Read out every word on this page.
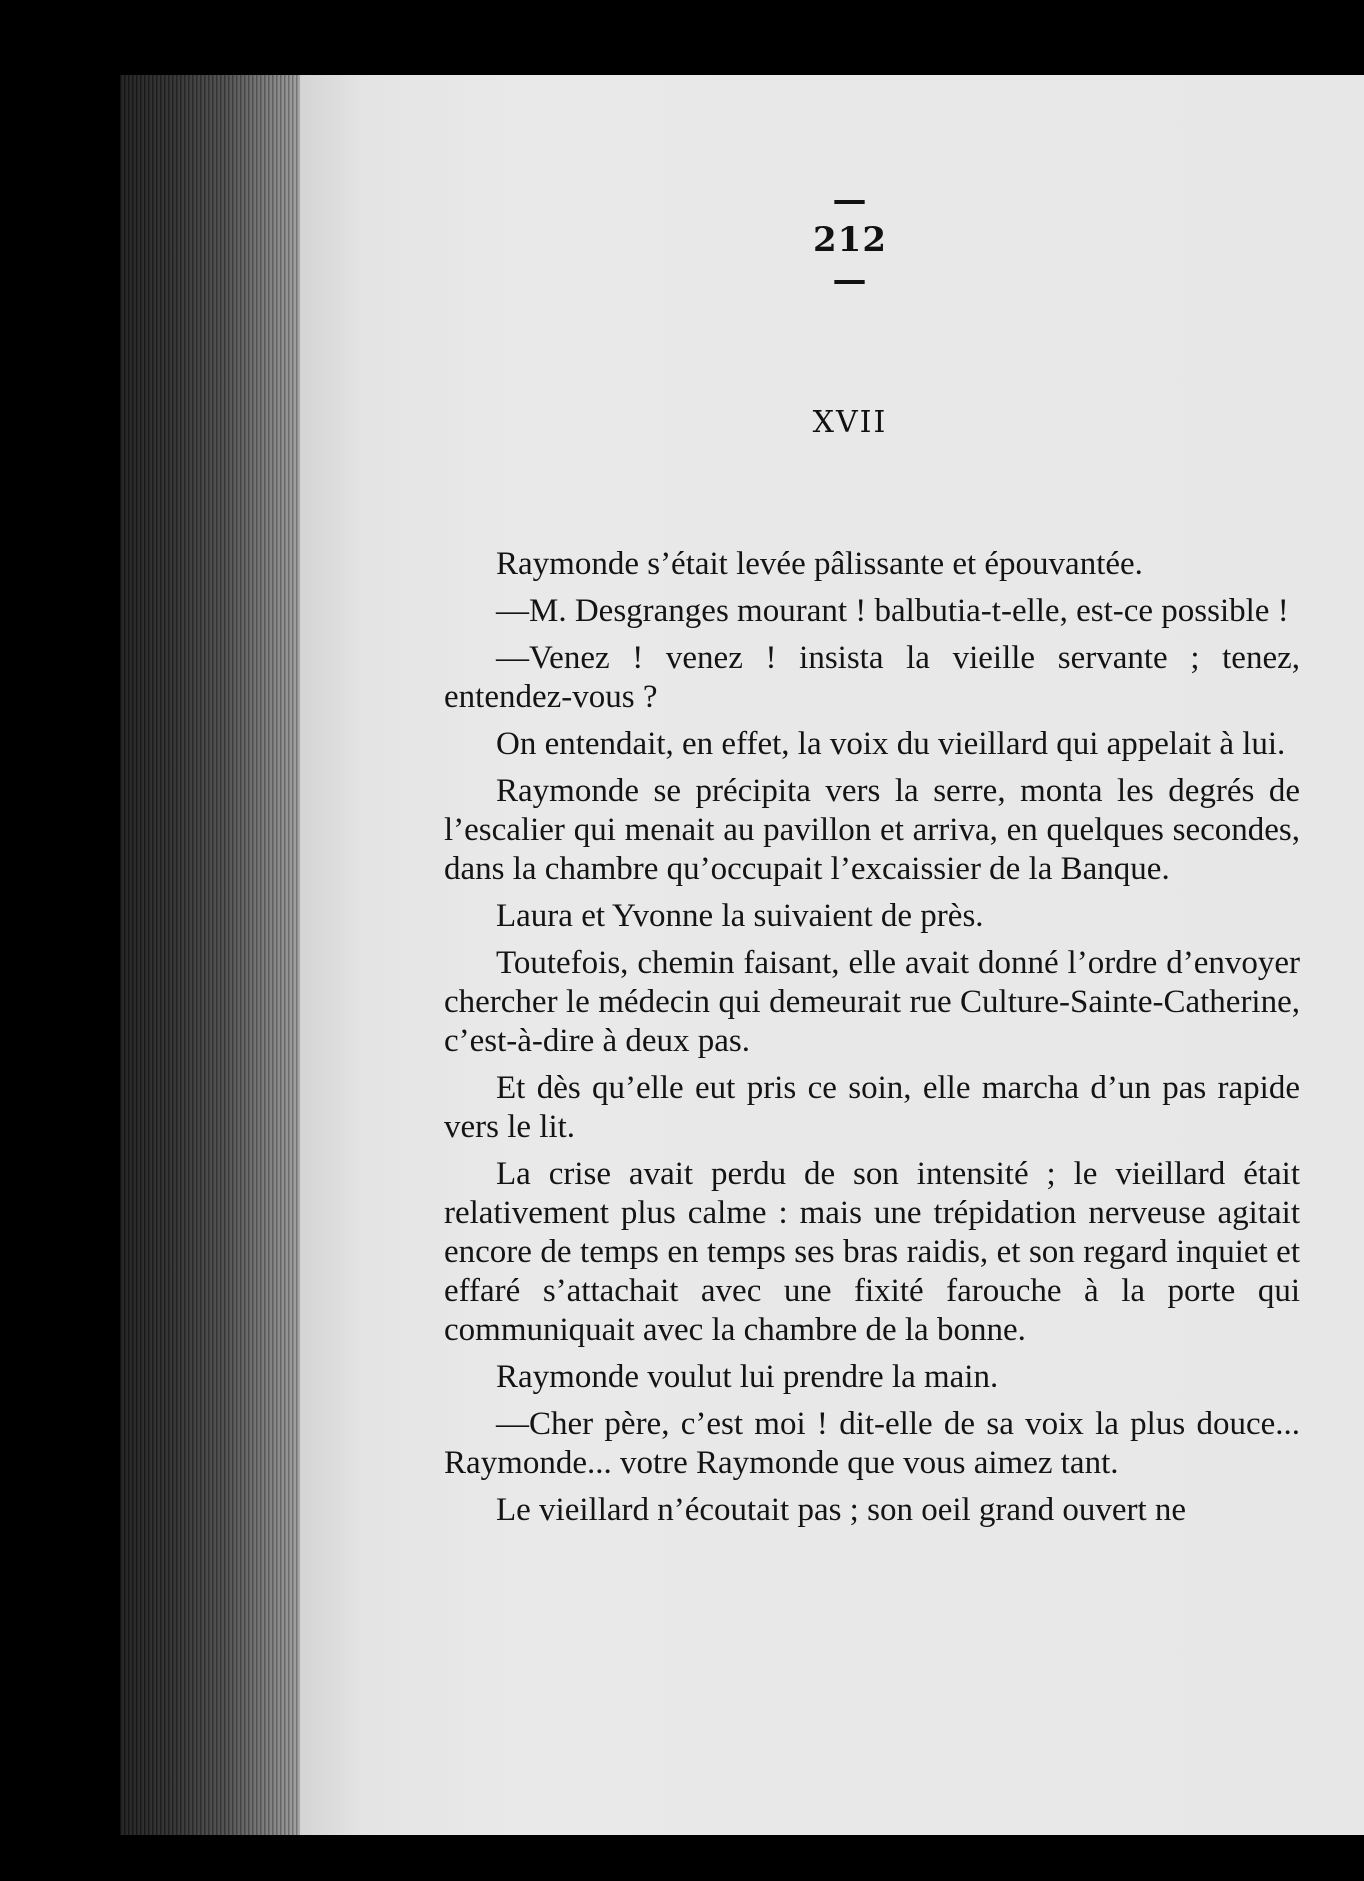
— 212 —
XVII

Raymonde s’était levée pâlissante et épouvantée.

—M. Desgranges mourant ! balbutia-t-elle, est-ce possible !

—Venez ! venez ! insista la vieille servante ; tenez, entendez-vous ?

On entendait, en effet, la voix du vieillard qui appelait à lui.

Raymonde se précipita vers la serre, monta les degrés de l’escalier qui menait au pavillon et arriva, en quelques secondes, dans la chambre qu’occupait l’excaissier de la Banque.

Laura et Yvonne la suivaient de près.

Toutefois, chemin faisant, elle avait donné l’ordre d’envoyer chercher le médecin qui demeurait rue Culture-Sainte-Catherine, c’est-à-dire à deux pas.

Et dès qu’elle eut pris ce soin, elle marcha d’un pas rapide vers le lit.

La crise avait perdu de son intensité ; le vieillard était relativement plus calme : mais une trépidation nerveuse agitait encore de temps en temps ses bras raidis, et son regard inquiet et effaré s’attachait avec une fixité farouche à la porte qui communiquait avec la chambre de la bonne.

Raymonde voulut lui prendre la main.

—Cher père, c’est moi ! dit-elle de sa voix la plus douce... Raymonde... votre Raymonde que vous aimez tant.

Le vieillard n’écoutait pas ; son oeil grand ouvert ne
